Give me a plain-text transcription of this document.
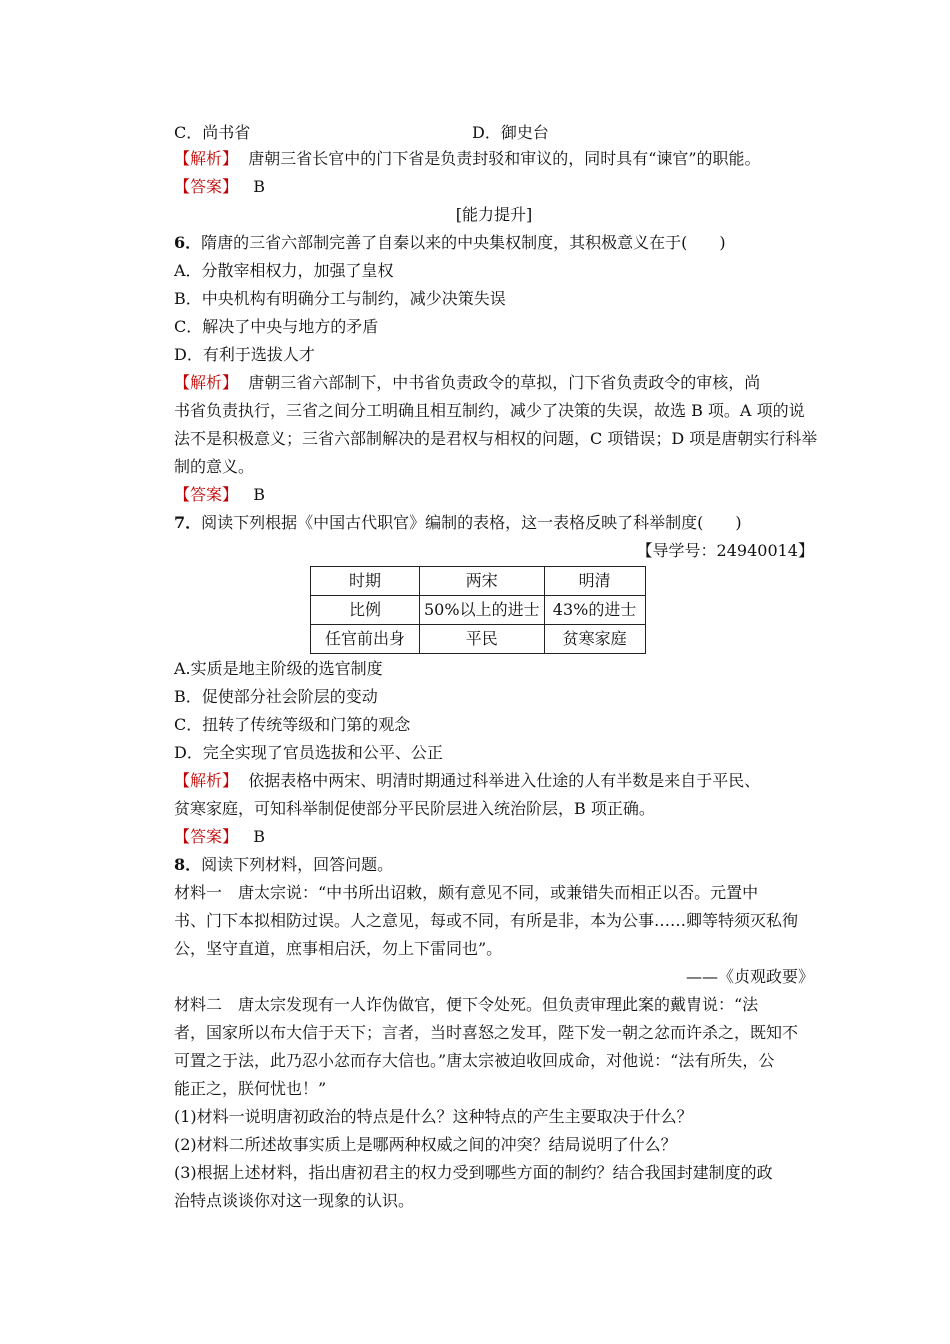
C．尚书省	D．御史台
【解析】 唐朝三省长官中的门下省是负责封驳和审议的，同时具有“谏官”的职能。
【答案】 B
[能力提升]
6．隋唐的三省六部制完善了自秦以来的中央集权制度，其积极意义在于(　　)
A．分散宰相权力，加强了皇权
B．中央机构有明确分工与制约，减少决策失误
C．解决了中央与地方的矛盾
D．有利于选拔人才
【解析】 唐朝三省六部制下，中书省负责政令的草拟，门下省负责政令的审核，尚
书省负责执行，三省之间分工明确且相互制约，减少了决策的失误，故选 B 项。A 项的说
法不是积极意义；三省六部制解决的是君权与相权的问题，C 项错误；D 项是唐朝实行科举
制的意义。
【答案】 B
7．阅读下列根据《中国古代职官》编制的表格，这一表格反映了科举制度(　　)
【导学号：24940014】
时期	两宋	明清
比例	50%以上的进士	43%的进士
任官前出身	平民	贫寒家庭
A.实质是地主阶级的选官制度
B．促使部分社会阶层的变动
C．扭转了传统等级和门第的观念
D．完全实现了官员选拔和公平、公正
【解析】 依据表格中两宋、明清时期通过科举进入仕途的人有半数是来自于平民、
贫寒家庭，可知科举制促使部分平民阶层进入统治阶层，B 项正确。
【答案】 B
8．阅读下列材料，回答问题。
材料一　唐太宗说：“中书所出诏敕，颇有意见不同，或兼错失而相正以否。元置中
书、门下本拟相防过误。人之意见，每或不同，有所是非，本为公事……卿等特须灭私徇
公，坚守直道，庶事相启沃，勿上下雷同也”。
——《贞观政要》
材料二　唐太宗发现有一人诈伪做官，便下令处死。但负责审理此案的戴胄说：“法
者，国家所以布大信于天下；言者，当时喜怒之发耳，陛下发一朝之忿而许杀之，既知不
可置之于法，此乃忍小忿而存大信也。”唐太宗被迫收回成命，对他说：“法有所失，公
能正之，朕何忧也！”
(1)材料一说明唐初政治的特点是什么？这种特点的产生主要取决于什么？
(2)材料二所述故事实质上是哪两种权威之间的冲突？结局说明了什么？
(3)根据上述材料，指出唐初君主的权力受到哪些方面的制约？结合我国封建制度的政
治特点谈谈你对这一现象的认识。
